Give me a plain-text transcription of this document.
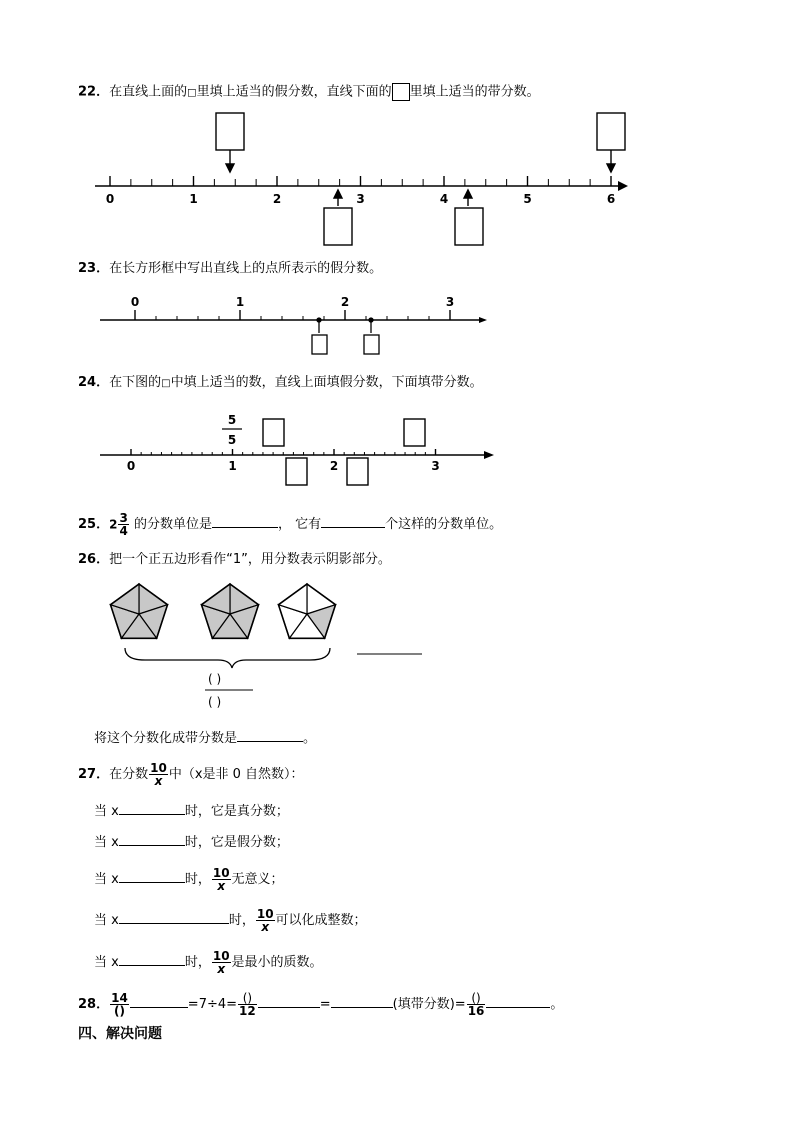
22．在直线上面的□里填上适当的假分数，直线下面的 里填上适当的带分数。
0	1	2	3	4	5	6
23．在长方形框中写出直线上的点所表示的假分数。
0	1	2	3
24．在下图的□中填上适当的数，直线上面填假分数，下面填带分数。
0	1	2	3
5
5
25．$2 \frac{3}{4}$ 的分数单位是	， 它有	个这样的分数单位。
26．把一个正五边形看作“1”，用分数表示阴影部分。
( )
( )
将这个分数化成带分数是	。
27．在分数 $\frac{10}{x}$ 中（x是非 0 自然数）：
当 x	时，它是真分数；
当 x	时，它是假分数；
当 x	时， $\frac{10}{x}$ 无意义；
当 x	时， $\frac{10}{x}$ 可以化成整数；
当 x	时， $\frac{10}{x}$ 是最小的质数。
28． $\frac{14}{()}$	$=7\div 4= \frac{()}{12}$	=	(填带分数)= $\frac{()}{16}$	。
四、解决问题
